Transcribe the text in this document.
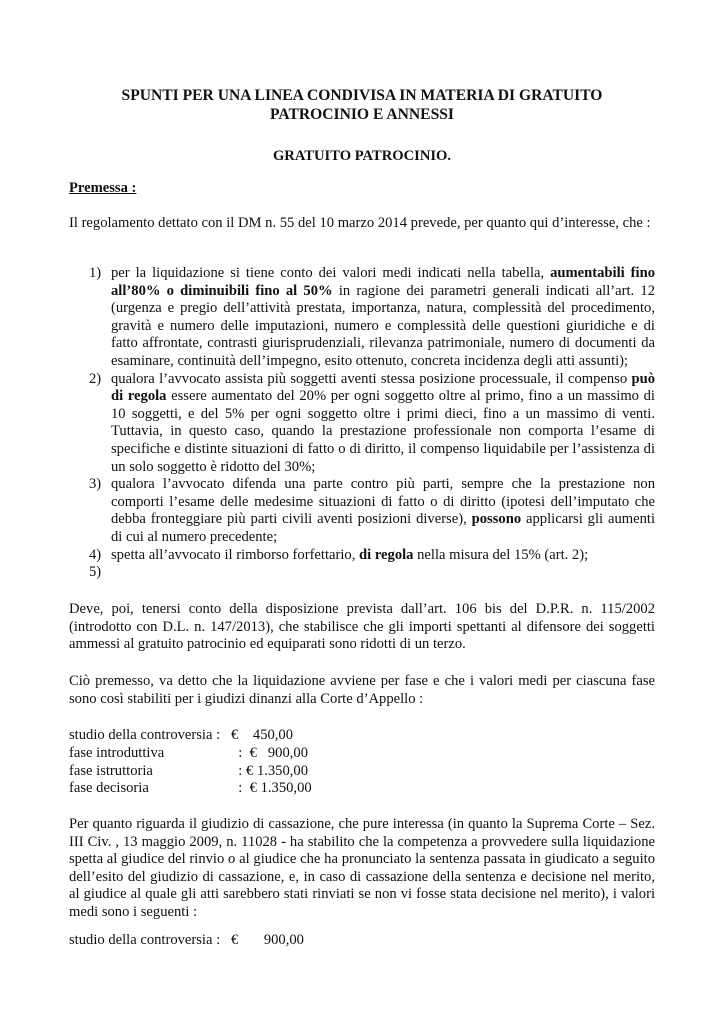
SPUNTI PER UNA LINEA CONDIVISA IN MATERIA DI GRATUITO
PATROCINIO E ANNESSI
GRATUITO PATROCINIO.
Premessa :
Il regolamento dettato con il DM n. 55 del 10 marzo 2014 prevede, per quanto qui d’interesse, che :
1) per la liquidazione si tiene conto dei valori medi indicati nella tabella, aumentabili fino all’80% o diminuibili fino al 50% in ragione dei parametri generali indicati all’art. 12 (urgenza e pregio dell’attività prestata, importanza, natura, complessità del procedimento, gravità e numero delle imputazioni, numero e complessità delle questioni giuridiche e di fatto affrontate, contrasti giurisprudenziali, rilevanza patrimoniale, numero di documenti da esaminare, continuità dell’impegno, esito ottenuto, concreta incidenza degli atti assunti);
2) qualora l’avvocato assista più soggetti aventi stessa posizione processuale, il compenso può di regola essere aumentato del 20% per ogni soggetto oltre al primo, fino a un massimo di 10 soggetti, e del 5% per ogni soggetto oltre i primi dieci, fino a un massimo di venti. Tuttavia, in questo caso, quando la prestazione professionale non comporta l’esame di specifiche e distinte situazioni di fatto o di diritto, il compenso liquidabile per l’assistenza di un solo soggetto è ridotto del 30%;
3) qualora l’avvocato difenda una parte contro più parti, sempre che la prestazione non comporti l’esame delle medesime situazioni di fatto o di diritto (ipotesi dell’imputato che debba fronteggiare più parti civili aventi posizioni diverse), possono applicarsi gli aumenti di cui al numero precedente;
4) spetta all’avvocato il rimborso forfettario, di regola nella misura del 15% (art. 2);
5)
Deve, poi, tenersi conto della disposizione prevista dall’art. 106 bis del D.P.R. n. 115/2002 (introdotto con D.L. n. 147/2013), che stabilisce che gli importi spettanti al difensore dei soggetti ammessi al gratuito patrocinio ed equiparati sono ridotti di un terzo.
Ciò premesso, va detto che la liquidazione avviene per fase e che i valori medi per ciascuna fase sono così stabiliti per i giudizi dinanzi alla Corte d’Appello :
studio della controversia :	€    450,00
fase introduttiva	:  €   900,00
fase istruttoria	: € 1.350,00
fase decisoria	:  € 1.350,00
Per quanto riguarda il giudizio di cassazione, che pure interessa (in quanto la Suprema Corte – Sez. III Civ. , 13 maggio 2009, n. 11028 - ha stabilito che la competenza a provvedere sulla liquidazione spetta al giudice del rinvio o al giudice che ha pronunciato la sentenza passata in giudicato a seguito dell’esito del giudizio di cassazione, e, in caso di cassazione della sentenza e decisione nel merito, al giudice al quale gli atti sarebbero stati rinviati se non vi fosse stata decisione nel merito), i valori medi sono i seguenti :
studio della controversia :	€       900,00
